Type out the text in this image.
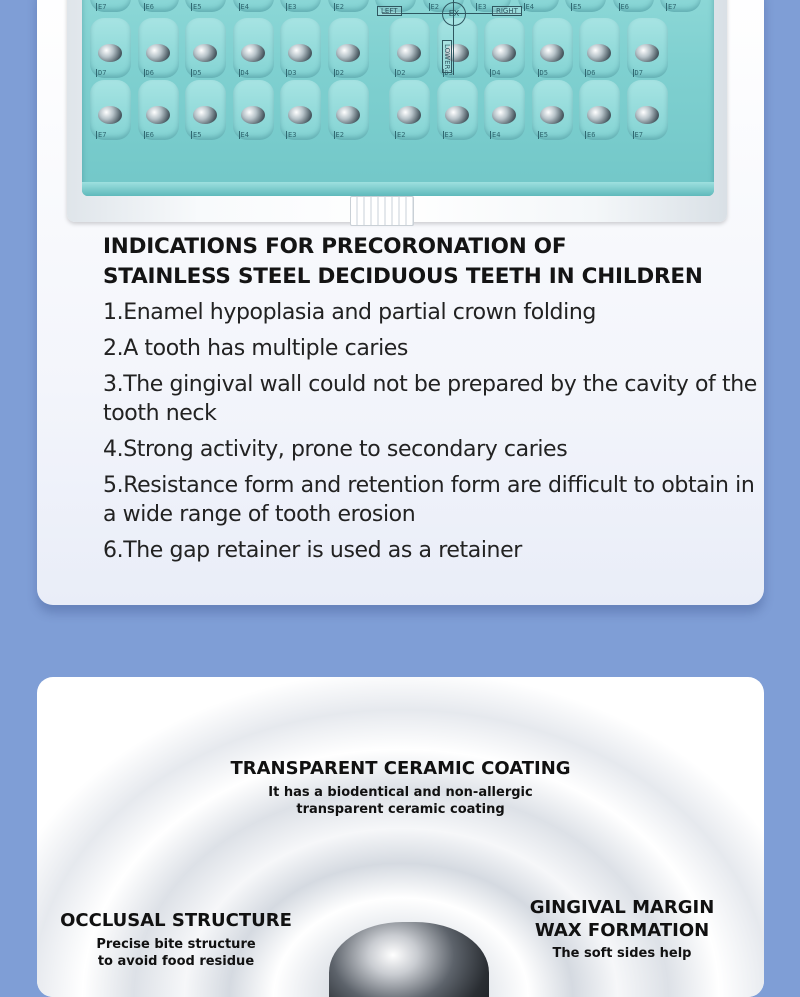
E7	E6	E5	E4	E3	E2	E2	E3	E4	E5	E6	E7
D7	D6	D5	D4	D3	D2	D2	D3	D4	D5	D6	D7
E7	E6	E5	E4	E3	E2	E2	E3	E4	E5	E6	E7
LEFT	RIGHT
EX
LOWER
INDICATIONS FOR PRECORONATION OF
STAINLESS STEEL DECIDUOUS TEETH IN CHILDREN
1.Enamel hypoplasia and partial crown folding
2.A tooth has multiple caries
3.The gingival wall could not be prepared by the cavity of the tooth neck
4.Strong activity, prone to secondary caries
5.Resistance form and retention form are difficult to obtain in a wide range of tooth erosion
6.The gap retainer is used as a retainer
TRANSPARENT CERAMIC COATING

It has a biodentical and non-allergic

transparent ceramic coating

OCCLUSAL STRUCTURE

Precise bite structure

to avoid food residue

GINGIVAL MARGIN
WAX FORMATION

The soft sides help
